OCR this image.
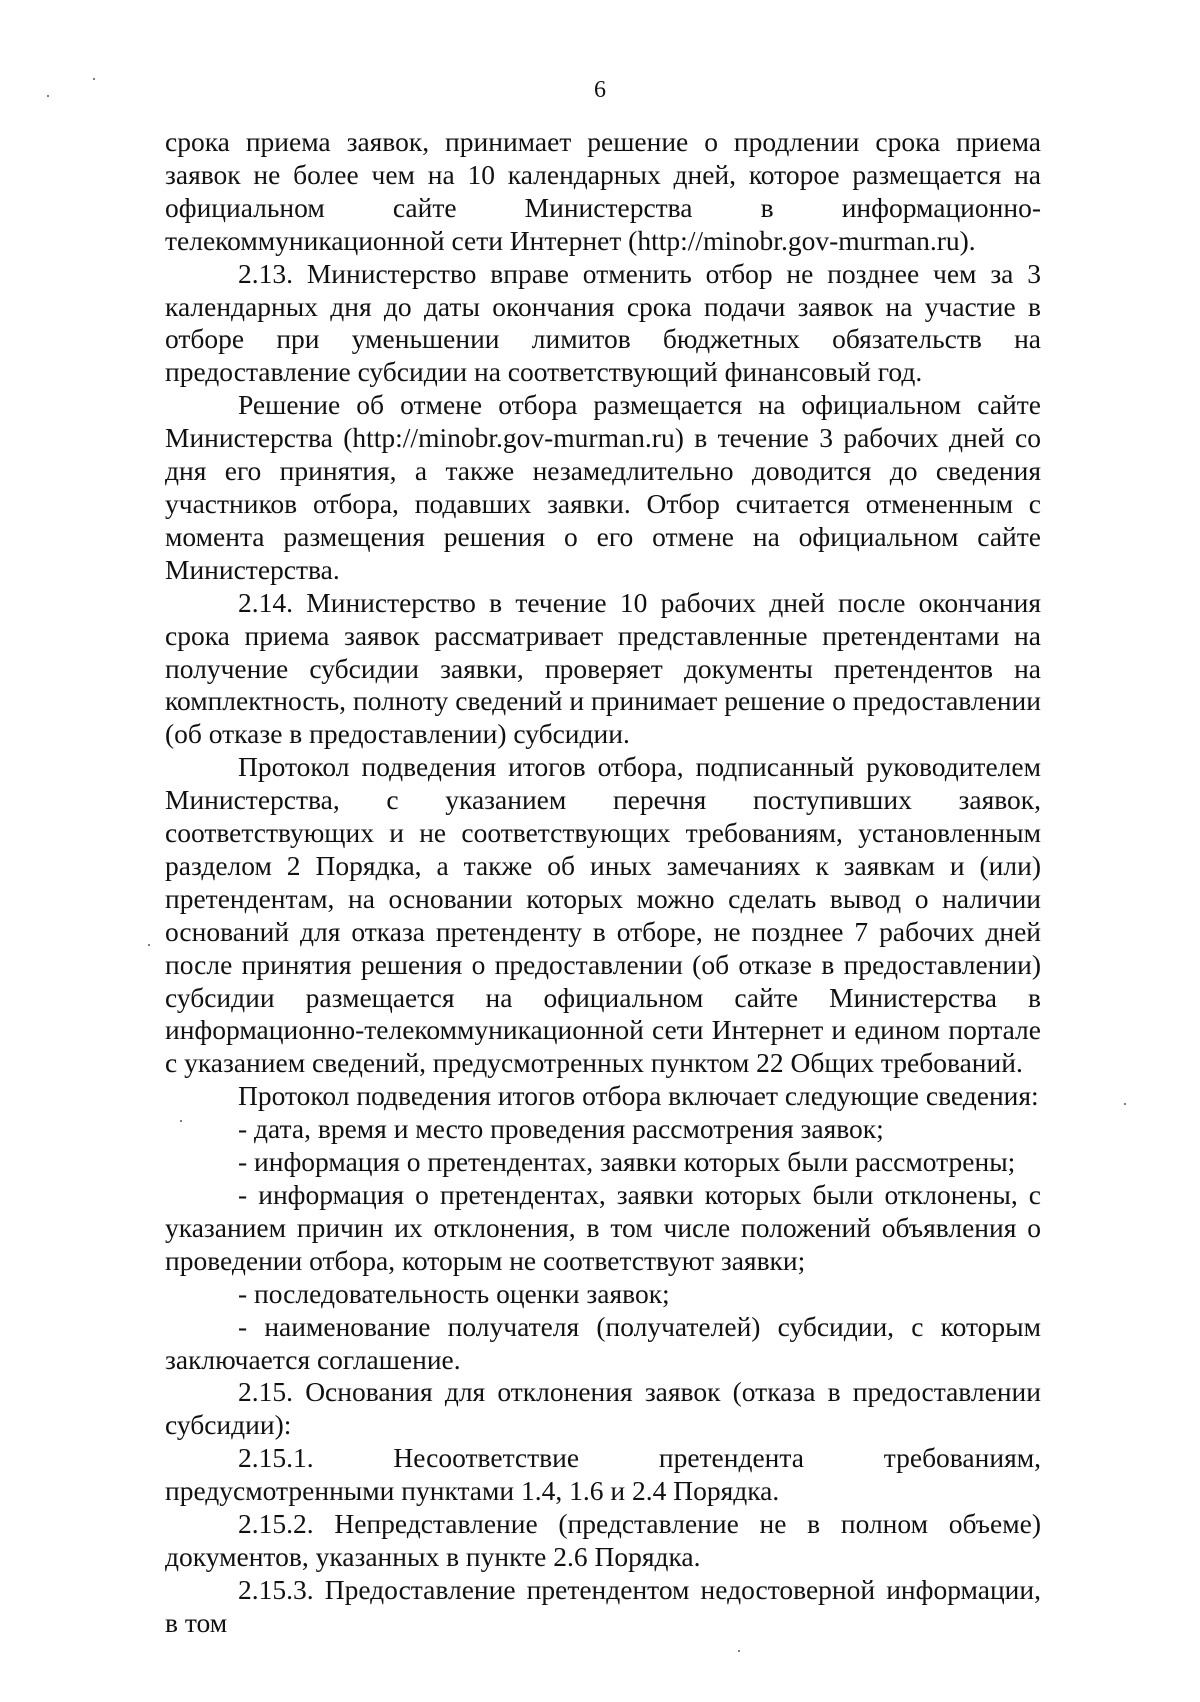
6

срока приема заявок, принимает решение о продлении срока приема заявок не более чем на 10 календарных дней, которое размещается на официальном сайте Министерства в информационно-телекоммуникационной сети Интернет (http://minobr.gov-murman.ru).

2.13. Министерство вправе отменить отбор не позднее чем за 3 календарных дня до даты окончания срока подачи заявок на участие в отборе при уменьшении лимитов бюджетных обязательств на предоставление субсидии на соответствующий финансовый год.

Решение об отмене отбора размещается на официальном сайте Министерства (http://minobr.gov-murman.ru) в течение 3 рабочих дней со дня его принятия, а также незамедлительно доводится до сведения участников отбора, подавших заявки. Отбор считается отмененным с момента размещения решения о его отмене на официальном сайте Министерства.

2.14. Министерство в течение 10 рабочих дней после окончания срока приема заявок рассматривает представленные претендентами на получение субсидии заявки, проверяет документы претендентов на комплектность, полноту сведений и принимает решение о предоставлении (об отказе в предоставлении) субсидии.

Протокол подведения итогов отбора, подписанный руководителем Министерства, с указанием перечня поступивших заявок, соответствующих и не соответствующих требованиям, установленным разделом 2 Порядка, а также об иных замечаниях к заявкам и (или) претендентам, на основании которых можно сделать вывод о наличии оснований для отказа претенденту в отборе, не позднее 7 рабочих дней после принятия решения о предоставлении (об отказе в предоставлении) субсидии размещается на официальном сайте Министерства в информационно-телекоммуникационной сети Интернет и едином портале с указанием сведений, предусмотренных пунктом 22 Общих требований.

Протокол подведения итогов отбора включает следующие сведения:

- дата, время и место проведения рассмотрения заявок;

- информация о претендентах, заявки которых были рассмотрены;

- информация о претендентах, заявки которых были отклонены, с указанием причин их отклонения, в том числе положений объявления о проведении отбора, которым не соответствуют заявки;

- последовательность оценки заявок;

- наименование получателя (получателей) субсидии, с которым заключается соглашение.

2.15. Основания для отклонения заявок (отказа в предоставлении субсидии):

2.15.1. Несоответствие претендента требованиям, предусмотренными пунктами 1.4, 1.6 и 2.4 Порядка.

2.15.2. Непредставление (представление не в полном объеме) документов, указанных в пункте 2.6 Порядка.

2.15.3. Предоставление претендентом недостоверной информации, в том
